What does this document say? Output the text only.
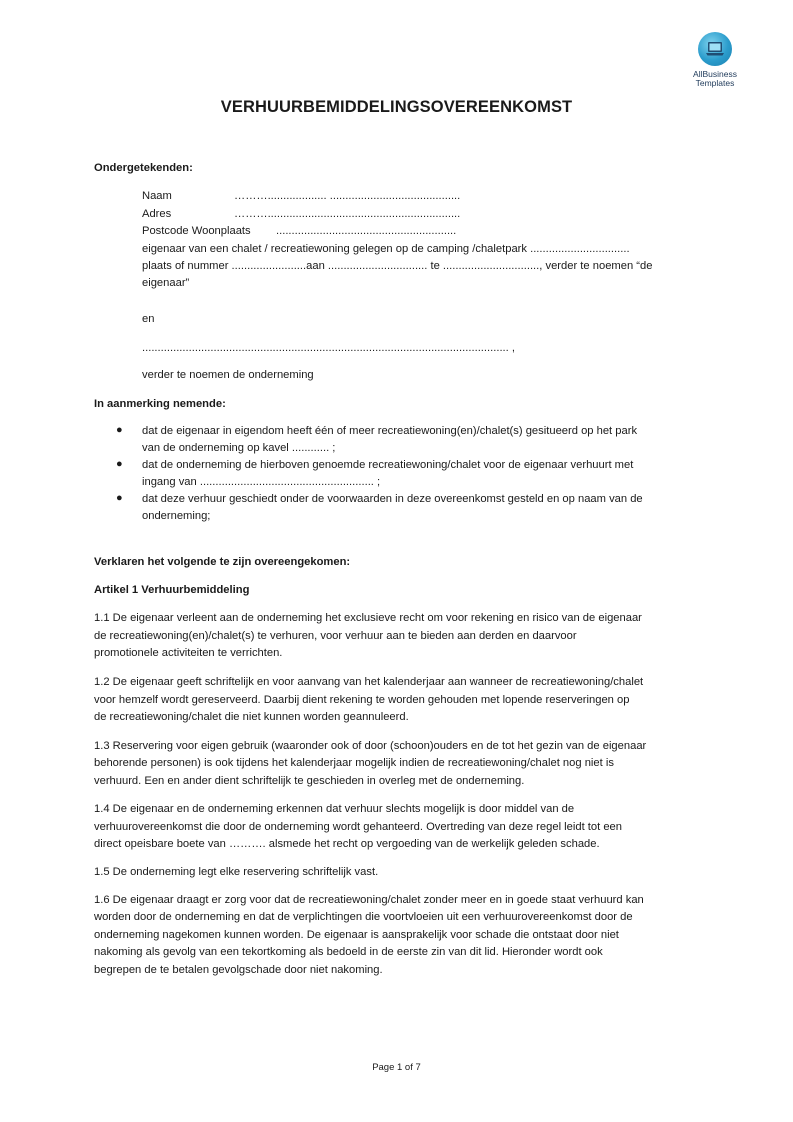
AllBusiness
Templates
VERHUURBEMIDDELINGSOVEREENKOMST
Ondergetekenden:
Naam	………................... ..........................................
Adres	………..............................................................
Postcode Woonplaats ..........................................................
eigenaar van een chalet / recreatiewoning gelegen op de camping /chaletpark ................................
plaats of nummer ........................aan ................................ te ..............................., verder te noemen “de
eigenaar”
en
...................................................................................................................... ,
verder te noemen de onderneming
In aanmerking nemende:
● dat de eigenaar in eigendom heeft één of meer recreatiewoning(en)/chalet(s) gesitueerd op het park
van de onderneming op kavel ............ ;
● dat de onderneming de hierboven genoemde recreatiewoning/chalet voor de eigenaar verhuurt met
ingang van ........................................................ ;
● dat deze verhuur geschiedt onder de voorwaarden in deze overeenkomst gesteld en op naam van de
onderneming;
Verklaren het volgende te zijn overeengekomen:
Artikel 1 Verhuurbemiddeling
1.1 De eigenaar verleent aan de onderneming het exclusieve recht om voor rekening en risico van de eigenaar
de recreatiewoning(en)/chalet(s) te verhuren, voor verhuur aan te bieden aan derden en daarvoor
promotionele activiteiten te verrichten.
1.2 De eigenaar geeft schriftelijk en voor aanvang van het kalenderjaar aan wanneer de recreatiewoning/chalet
voor hemzelf wordt gereserveerd. Daarbij dient rekening te worden gehouden met lopende reserveringen op
de recreatiewoning/chalet die niet kunnen worden geannuleerd.
1.3 Reservering voor eigen gebruik (waaronder ook of door (schoon)ouders en de tot het gezin van de eigenaar
behorende personen) is ook tijdens het kalenderjaar mogelijk indien de recreatiewoning/chalet nog niet is
verhuurd. Een en ander dient schriftelijk te geschieden in overleg met de onderneming.
1.4 De eigenaar en de onderneming erkennen dat verhuur slechts mogelijk is door middel van de
verhuurovereenkomst die door de onderneming wordt gehanteerd. Overtreding van deze regel leidt tot een
direct opeisbare boete van ………. alsmede het recht op vergoeding van de werkelijk geleden schade.
1.5 De onderneming legt elke reservering schriftelijk vast.
1.6 De eigenaar draagt er zorg voor dat de recreatiewoning/chalet zonder meer en in goede staat verhuurd kan
worden door de onderneming en dat de verplichtingen die voortvloeien uit een verhuurovereenkomst door de
onderneming nagekomen kunnen worden. De eigenaar is aansprakelijk voor schade die ontstaat door niet
nakoming als gevolg van een tekortkoming als bedoeld in de eerste zin van dit lid. Hieronder wordt ook
begrepen de te betalen gevolgschade door niet nakoming.
Page 1 of 7
